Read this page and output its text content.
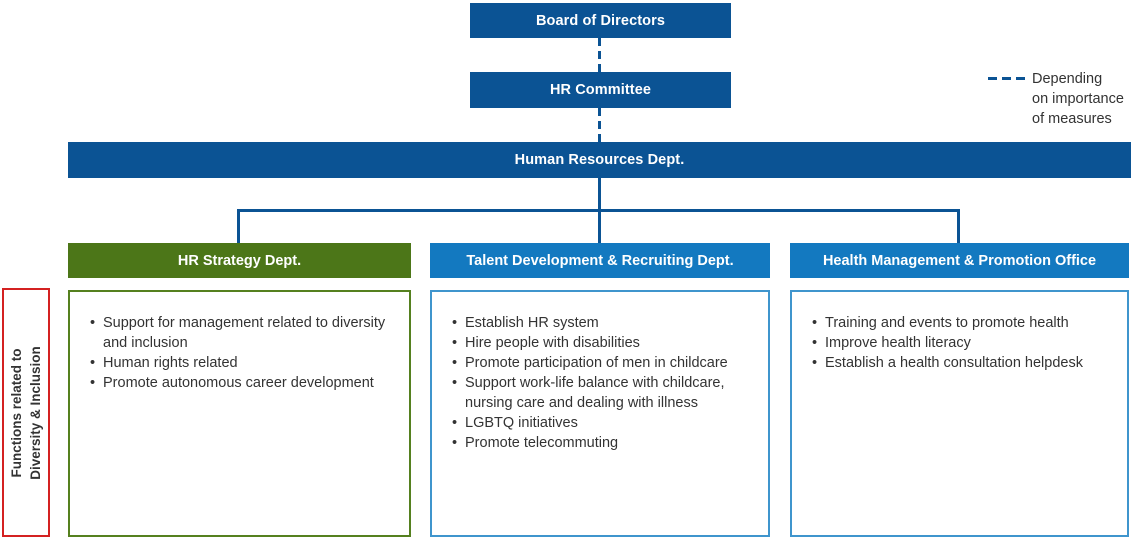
Board of Directors
HR Committee
Human Resources Dept.
HR Strategy Dept.	Talent Development & Recruiting Dept.	Health Management & Promotion Office
• Support for management related to diversity and inclusion
• Human rights related
• Promote autonomous career development
• Establish HR system
• Hire people with disabilities
• Promote participation of men in childcare
• Support work-life balance with childcare, nursing care and dealing with illness
• LGBTQ initiatives
• Promote telecommuting
• Training and events to promote health
• Improve health literacy
• Establish a health consultation helpdesk
Functions related to Diversity & Inclusion
Depending
on importance
of measures
